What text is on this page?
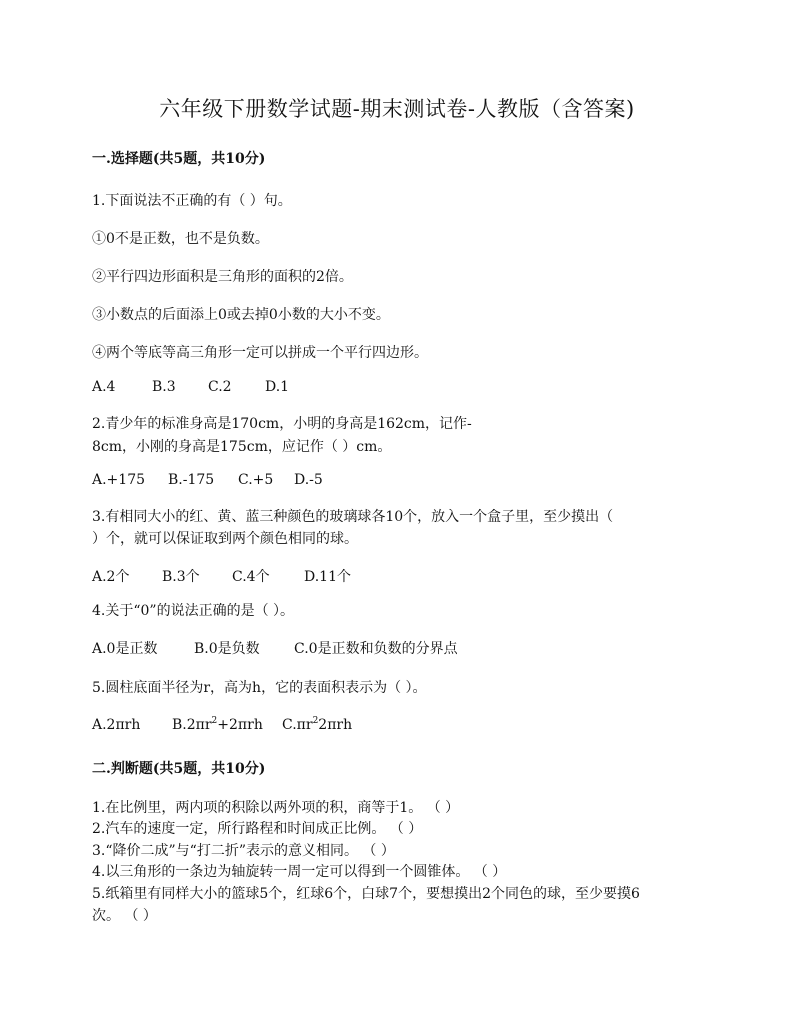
六年级下册数学试题-期末测试卷-人教版（含答案)
一.选择题(共5题，共10分)
1.下面说法不正确的有（ ）句。
①0不是正数，也不是负数。
②平行四边形面积是三角形的面积的2倍。
③小数点的后面添上0或去掉0小数的大小不变。
④两个等底等高三角形一定可以拼成一个平行四边形。
A.4	B.3 C.2 D.1
2.青少年的标准身高是170cm，小明的身高是162cm，记作-
8cm，小刚的身高是175cm，应记作（ ）cm。
A.+175 B.-175 C.+5 D.-5
3.有相同大小的红、黄、蓝三种颜色的玻璃球各10个，放入一个盒子里，至少摸出（
）个，就可以保证取到两个颜色相同的球。
A.2个 B.3个 C.4个 D.11个
4.关于“0”的说法正确的是（ ）。
A.0是正数	B.0是负数 C.0是正数和负数的分界点
5.圆柱底面半径为r，高为h，它的表面积表示为（ ）。
A.2πrh $B.2\pi r^2+2\pi rh$ $C.\pi r^22\pi rh$
二.判断题(共5题，共10分)
1.在比例里，两内项的积除以两外项的积，商等于1。 （ ）
2.汽车的速度一定，所行路程和时间成正比例。 （ ）
3.“降价二成”与“打二折”表示的意义相同。 （ ）
4.以三角形的一条边为轴旋转一周一定可以得到一个圆锥体。 （ ）
5.纸箱里有同样大小的篮球5个，红球6个，白球7个，要想摸出2个同色的球，至少要摸6
次。 （ ）
